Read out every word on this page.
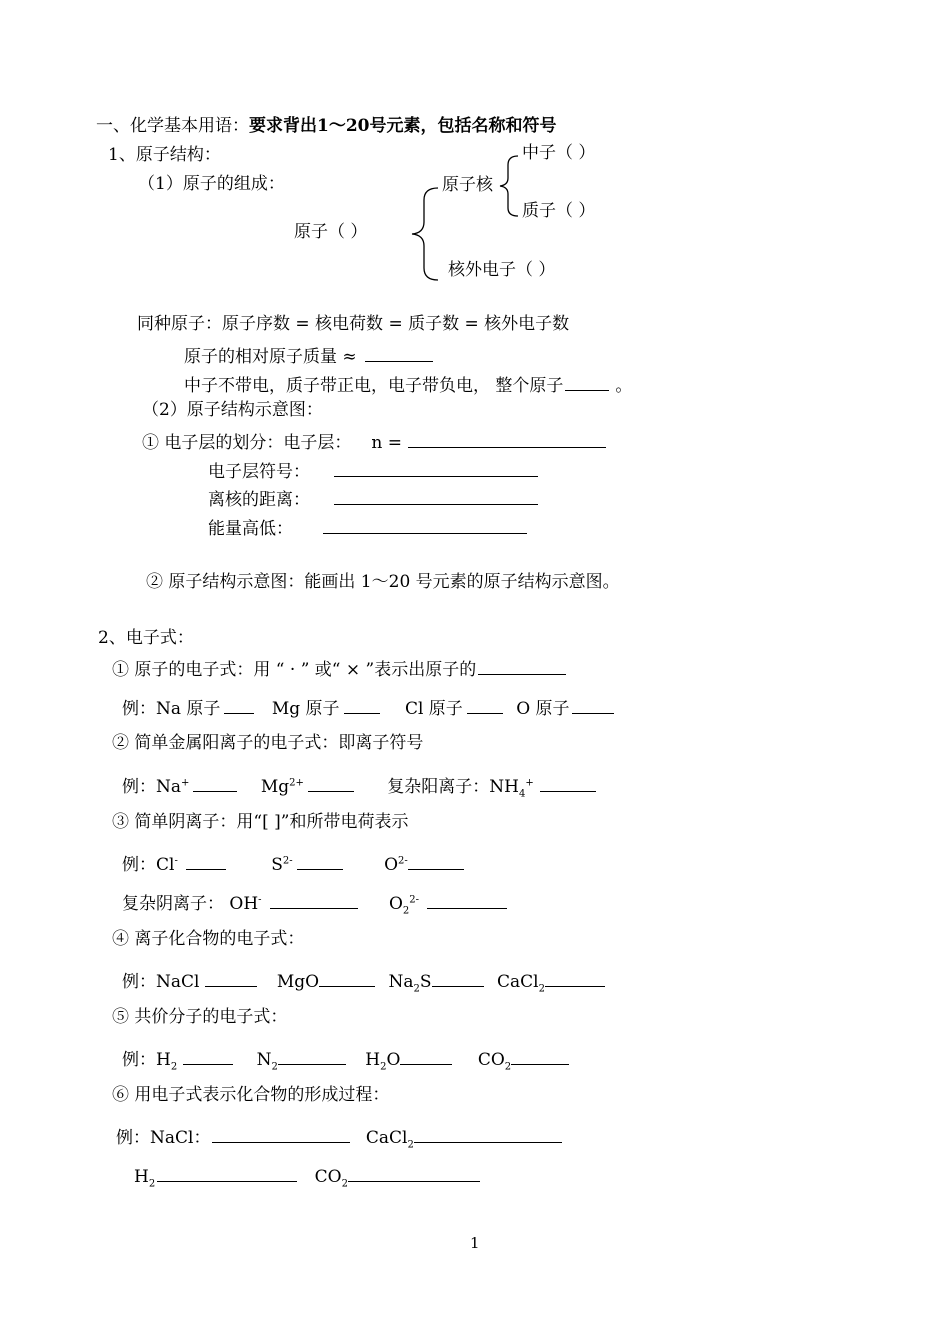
一、化学基本用语：要求背出1～20号元素，包括名称和符号
1、原子结构：
（1）原子的组成：
中子（ ）
原子核
质子（ ）
原子（ ）
核外电子（ ）
同种原子：原子序数 = 核电荷数 = 质子数 = 核外电子数
原子的相对原子质量 ≈
中子不带电，质子带正电，电子带负电， 整个原子	。
（2）原子结构示意图：
① 电子层的划分：电子层： n =
电子层符号：
离核的距离：
能量高低：
② 原子结构示意图：能画出 1～20 号元素的原子结构示意图。
2、电子式：
① 原子的电子式：用 “ · ” 或“ × ”表示出原子的
例：Na 原子	Mg 原子	Cl 原子	O 原子
② 简单金属阳离子的电子式：即离子符号
例：Na+	$Mg^{2+}$	复杂阳离子：$NH_4^+$
③ 简单阴离子：用“[ ]”和所带电荷表示
例：Cl-	$S^{2-}$	$O^{2-}$
复杂阴离子： OH-	$O_2^{2-}$
④ 离子化合物的电子式：
例：NaCl	MgO	$Na_2S$	CaCl$_2$
⑤ 共价分子的电子式：
例：$H_2$	$N_2$	$H_2O$	$CO_2$
⑥ 用电子式表示化合物的形成过程：
例：NaCl：	CaCl$_2$
$H_2$	$CO_2$
1
